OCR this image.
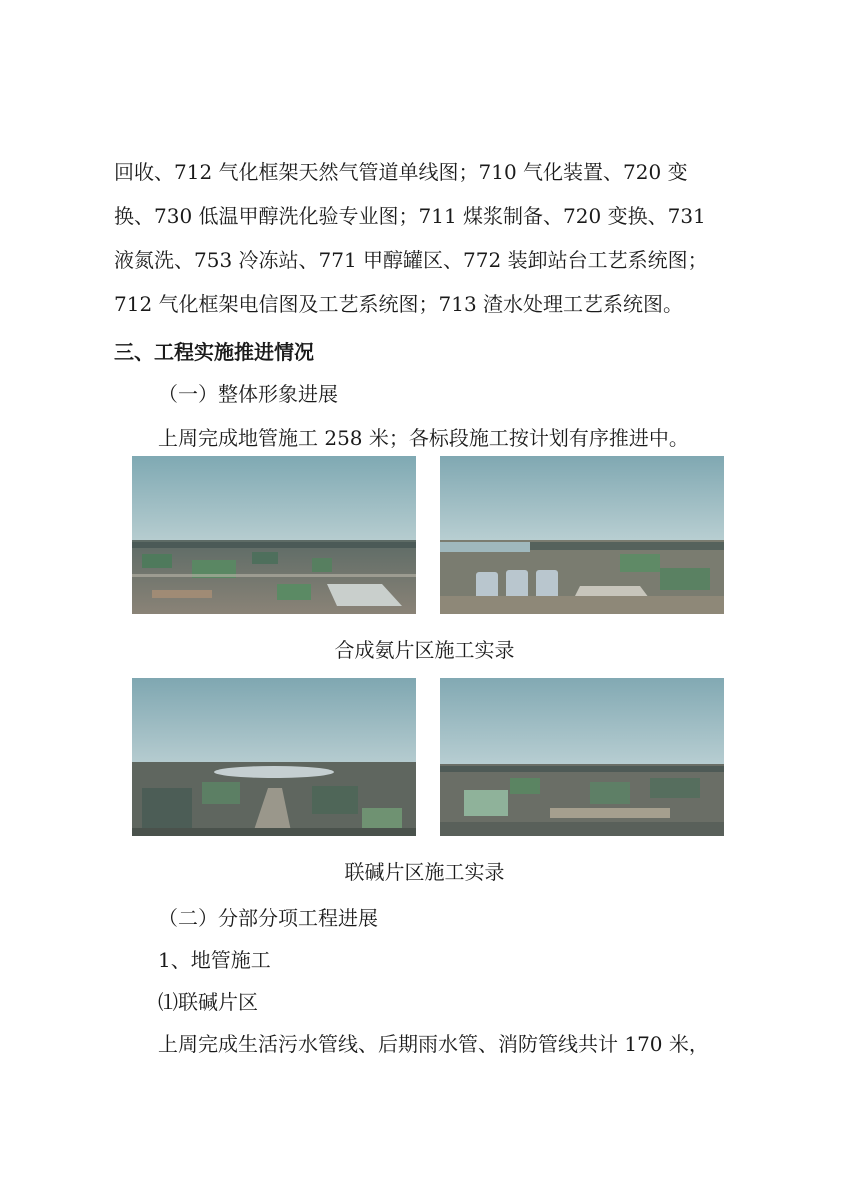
回收、712 气化框架天然气管道单线图；710 气化装置、720 变
换、730 低温甲醇洗化验专业图；711 煤浆制备、720 变换、731
液氮洗、753 冷冻站、771 甲醇罐区、772 装卸站台工艺系统图；
712 气化框架电信图及工艺系统图；713 渣水处理工艺系统图。
三、工程实施推进情况
（一）整体形象进展
上周完成地管施工 258 米；各标段施工按计划有序推进中。
合成氨片区施工实录
联碱片区施工实录
（二）分部分项工程进展
1、地管施工
⑴联碱片区
上周完成生活污水管线、后期雨水管、消防管线共计 170 米，
